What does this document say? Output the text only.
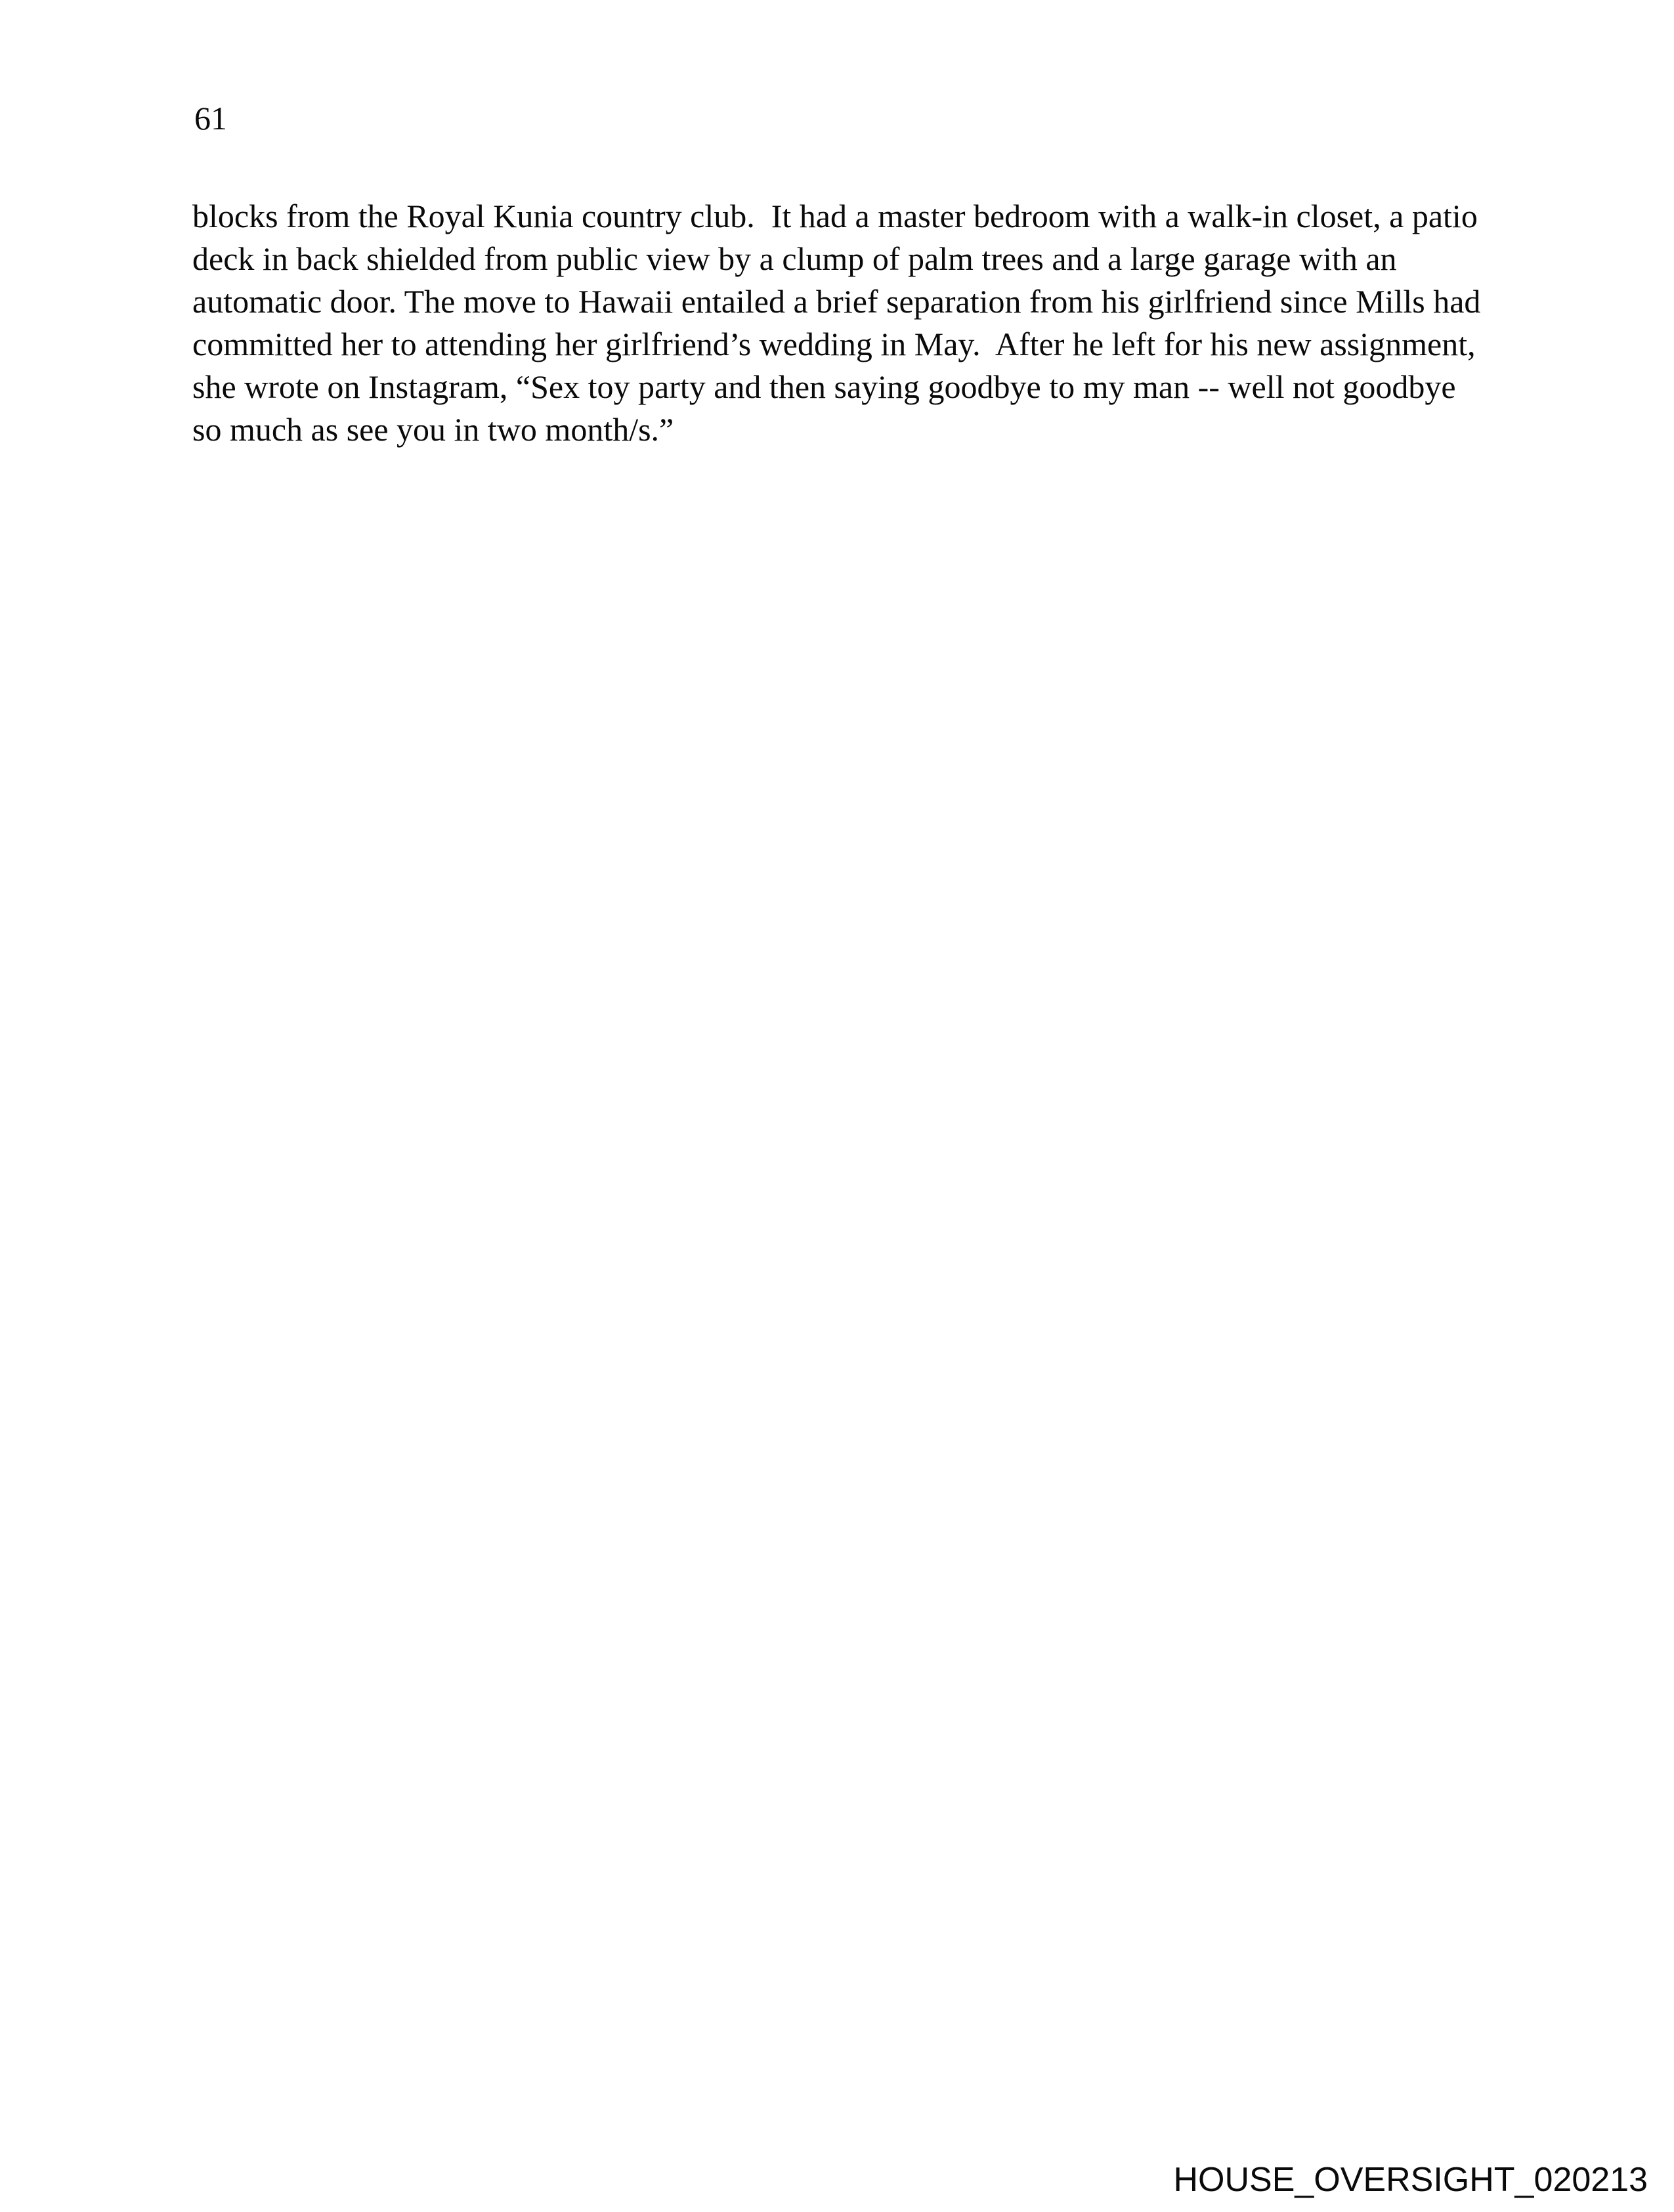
61
blocks from the Royal Kunia country club.  It had a master bedroom with a walk-in closet, a patio
deck in back shielded from public view by a clump of palm trees and a large garage with an
automatic door. The move to Hawaii entailed a brief separation from his girlfriend since Mills had
committed her to attending her girlfriend’s wedding in May.  After he left for his new assignment,
she wrote on Instagram, “Sex toy party and then saying goodbye to my man -- well not goodbye
so much as see you in two month/s.”
HOUSE_OVERSIGHT_020213
